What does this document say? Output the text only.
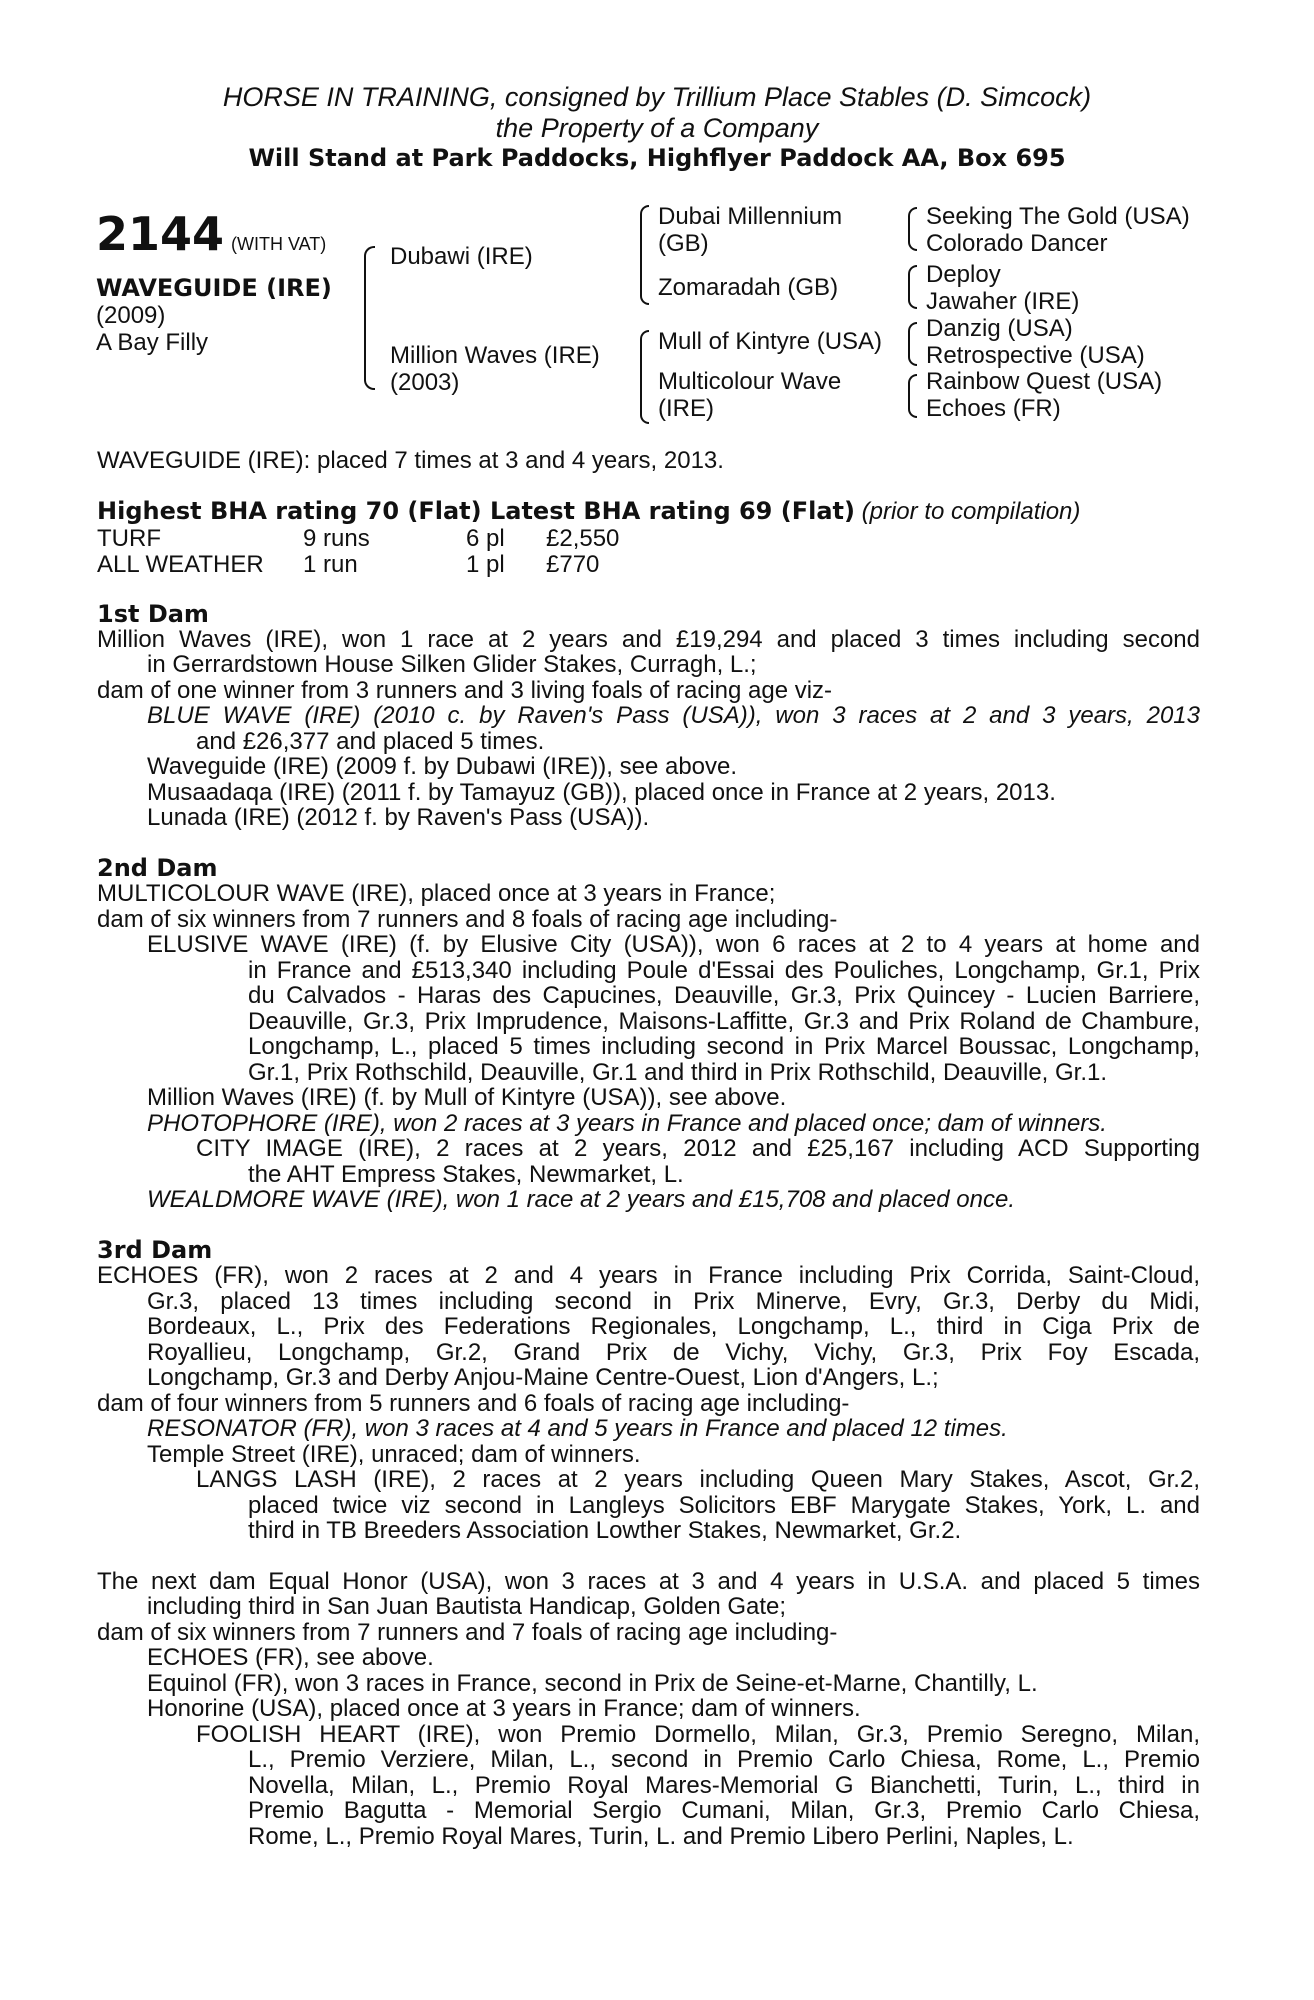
HORSE IN TRAINING, consigned by Trillium Place Stables (D. Simcock)
the Property of a Company
Will Stand at Park Paddocks, Highflyer Paddock AA, Box 695
2144 (WITH VAT)
WAVEGUIDE (IRE)
(2009)
A Bay Filly
Dubawi (IRE)
Million Waves (IRE)
(2003)
Dubai Millennium
(GB)
Zomaradah (GB)
Mull of Kintyre (USA)
Multicolour Wave
(IRE)
Seeking The Gold (USA)
Colorado Dancer
Deploy
Jawaher (IRE)
Danzig (USA)
Retrospective (USA)
Rainbow Quest (USA)
Echoes (FR)
WAVEGUIDE (IRE): placed 7 times at 3 and 4 years, 2013.
Highest BHA rating 70 (Flat) Latest BHA rating 69 (Flat) (prior to compilation)
TURF	9 runs	6 pl £2,550
ALL WEATHER 1 run	1 pl £770
1st Dam
Million Waves (IRE), won 1 race at 2 years and £19,294 and placed 3 times including second
in Gerrardstown House Silken Glider Stakes, Curragh, L.;
dam of one winner from 3 runners and 3 living foals of racing age viz-
BLUE WAVE (IRE) (2010 c. by Raven's Pass (USA)), won 3 races at 2 and 3 years, 2013
and £26,377 and placed 5 times.
Waveguide (IRE) (2009 f. by Dubawi (IRE)), see above.
Musaadaqa (IRE) (2011 f. by Tamayuz (GB)), placed once in France at 2 years, 2013.
Lunada (IRE) (2012 f. by Raven's Pass (USA)).
2nd Dam
MULTICOLOUR WAVE (IRE), placed once at 3 years in France;
dam of six winners from 7 runners and 8 foals of racing age including-
ELUSIVE WAVE (IRE) (f. by Elusive City (USA)), won 6 races at 2 to 4 years at home and
in France and £513,340 including Poule d'Essai des Pouliches, Longchamp, Gr.1, Prix
du Calvados - Haras des Capucines, Deauville, Gr.3, Prix Quincey - Lucien Barriere,
Deauville, Gr.3, Prix Imprudence, Maisons-Laffitte, Gr.3 and Prix Roland de Chambure,
Longchamp, L., placed 5 times including second in Prix Marcel Boussac, Longchamp,
Gr.1, Prix Rothschild, Deauville, Gr.1 and third in Prix Rothschild, Deauville, Gr.1.
Million Waves (IRE) (f. by Mull of Kintyre (USA)), see above.
PHOTOPHORE (IRE), won 2 races at 3 years in France and placed once; dam of winners.
CITY IMAGE (IRE), 2 races at 2 years, 2012 and £25,167 including ACD Supporting
the AHT Empress Stakes, Newmarket, L.
WEALDMORE WAVE (IRE), won 1 race at 2 years and £15,708 and placed once.
3rd Dam
ECHOES (FR), won 2 races at 2 and 4 years in France including Prix Corrida, Saint-Cloud,
Gr.3, placed 13 times including second in Prix Minerve, Evry, Gr.3, Derby du Midi,
Bordeaux, L., Prix des Federations Regionales, Longchamp, L., third in Ciga Prix de
Royallieu, Longchamp, Gr.2, Grand Prix de Vichy, Vichy, Gr.3, Prix Foy Escada,
Longchamp, Gr.3 and Derby Anjou-Maine Centre-Ouest, Lion d'Angers, L.;
dam of four winners from 5 runners and 6 foals of racing age including-
RESONATOR (FR), won 3 races at 4 and 5 years in France and placed 12 times.
Temple Street (IRE), unraced; dam of winners.
LANGS LASH (IRE), 2 races at 2 years including Queen Mary Stakes, Ascot, Gr.2,
placed twice viz second in Langleys Solicitors EBF Marygate Stakes, York, L. and
third in TB Breeders Association Lowther Stakes, Newmarket, Gr.2.
The next dam Equal Honor (USA), won 3 races at 3 and 4 years in U.S.A. and placed 5 times
including third in San Juan Bautista Handicap, Golden Gate;
dam of six winners from 7 runners and 7 foals of racing age including-
ECHOES (FR), see above.
Equinol (FR), won 3 races in France, second in Prix de Seine-et-Marne, Chantilly, L.
Honorine (USA), placed once at 3 years in France; dam of winners.
FOOLISH HEART (IRE), won Premio Dormello, Milan, Gr.3, Premio Seregno, Milan,
L., Premio Verziere, Milan, L., second in Premio Carlo Chiesa, Rome, L., Premio
Novella, Milan, L., Premio Royal Mares-Memorial G Bianchetti, Turin, L., third in
Premio Bagutta - Memorial Sergio Cumani, Milan, Gr.3, Premio Carlo Chiesa,
Rome, L., Premio Royal Mares, Turin, L. and Premio Libero Perlini, Naples, L.
